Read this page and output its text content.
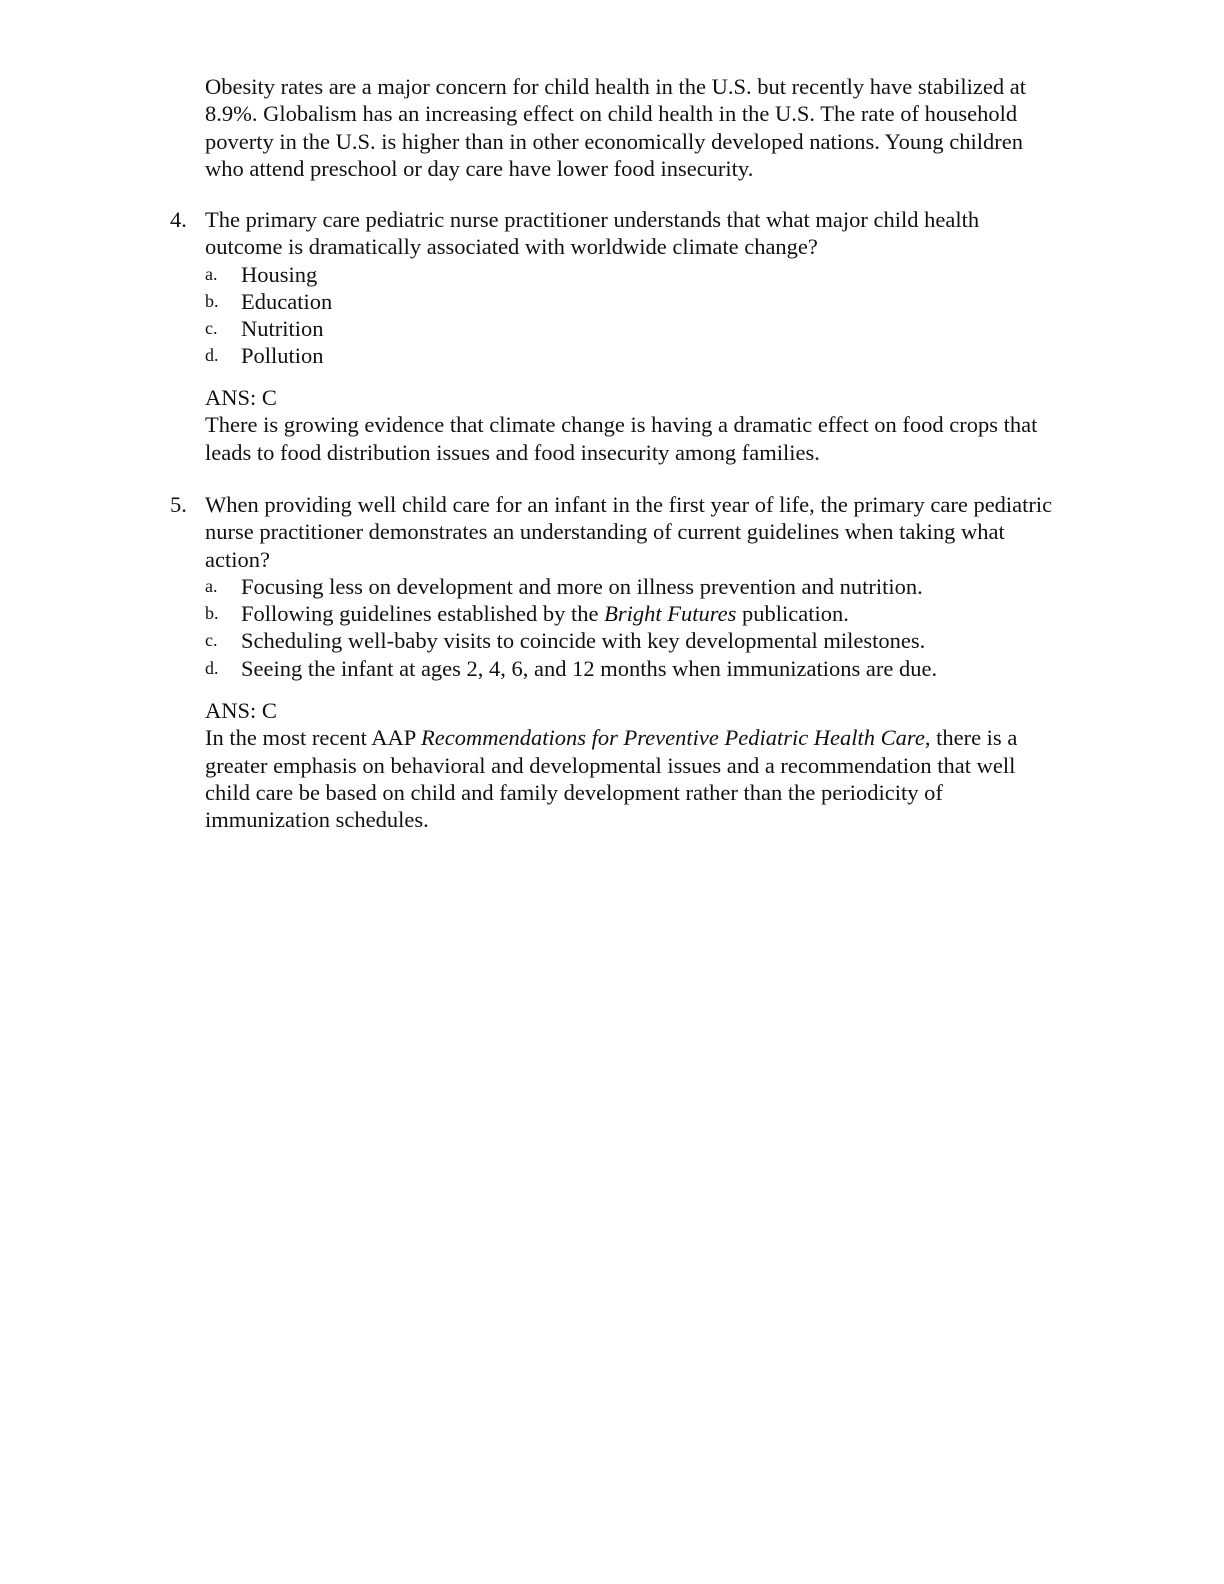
Obesity rates are a major concern for child health in the U.S. but recently have stabilized at

8.9%. Globalism has an increasing effect on child health in the U.S. The rate of household

poverty in the U.S. is higher than in other economically developed nations. Young children

who attend preschool or day care have lower food insecurity.

4. The primary care pediatric nurse practitioner understands that what major child health
outcome is dramatically associated with worldwide climate change?
a.	Housing
b.	Education
c.	Nutrition
d.	Pollution
ANS: C

There is growing evidence that climate change is having a dramatic effect on food crops that

leads to food distribution issues and food insecurity among families.

5. When providing well child care for an infant in the first year of life, the primary care pediatric
nurse practitioner demonstrates an understanding of current guidelines when taking what
action?
a.	Focusing less on development and more on illness prevention and nutrition.
b.	Following guidelines established by the Bright Futures publication.
c.	Scheduling well-baby visits to coincide with key developmental milestones.
d.	Seeing the infant at ages 2, 4, 6, and 12 months when immunizations are due.
ANS: C

In the most recent AAP Recommendations for Preventive Pediatric Health Care, there is a

greater emphasis on behavioral and developmental issues and a recommendation that well

child care be based on child and family development rather than the periodicity of

immunization schedules.
